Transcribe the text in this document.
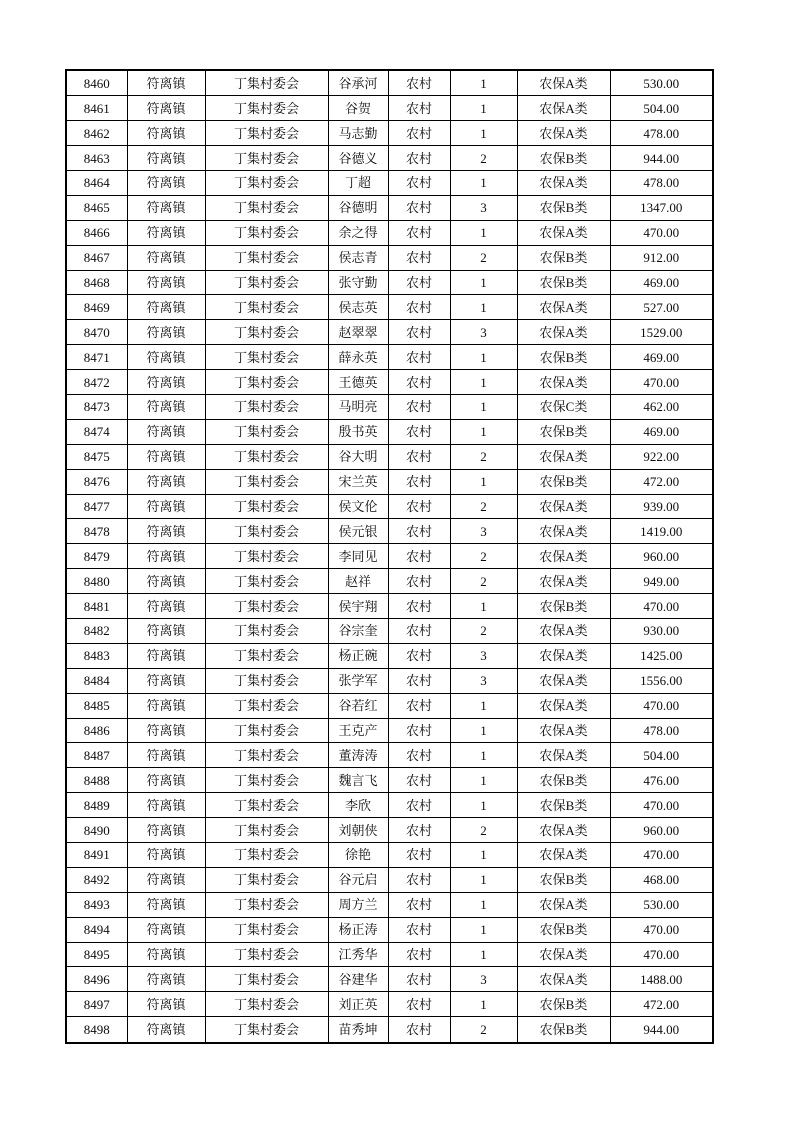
8460	符离镇	丁集村委会	谷承河	农村	1	农保A类	530.00
8461	符离镇	丁集村委会	谷贺	农村	1	农保A类	504.00
8462	符离镇	丁集村委会	马志勤	农村	1	农保A类	478.00
8463	符离镇	丁集村委会	谷德义	农村	2	农保B类	944.00
8464	符离镇	丁集村委会	丁超	农村	1	农保A类	478.00
8465	符离镇	丁集村委会	谷德明	农村	3	农保B类	1347.00
8466	符离镇	丁集村委会	余之得	农村	1	农保A类	470.00
8467	符离镇	丁集村委会	侯志青	农村	2	农保B类	912.00
8468	符离镇	丁集村委会	张守勤	农村	1	农保B类	469.00
8469	符离镇	丁集村委会	侯志英	农村	1	农保A类	527.00
8470	符离镇	丁集村委会	赵翠翠	农村	3	农保A类	1529.00
8471	符离镇	丁集村委会	薛永英	农村	1	农保B类	469.00
8472	符离镇	丁集村委会	王德英	农村	1	农保A类	470.00
8473	符离镇	丁集村委会	马明亮	农村	1	农保C类	462.00
8474	符离镇	丁集村委会	殷书英	农村	1	农保B类	469.00
8475	符离镇	丁集村委会	谷大明	农村	2	农保A类	922.00
8476	符离镇	丁集村委会	宋兰英	农村	1	农保B类	472.00
8477	符离镇	丁集村委会	侯文伦	农村	2	农保A类	939.00
8478	符离镇	丁集村委会	侯元银	农村	3	农保A类	1419.00
8479	符离镇	丁集村委会	李同见	农村	2	农保A类	960.00
8480	符离镇	丁集村委会	赵祥	农村	2	农保A类	949.00
8481	符离镇	丁集村委会	侯宇翔	农村	1	农保B类	470.00
8482	符离镇	丁集村委会	谷宗奎	农村	2	农保A类	930.00
8483	符离镇	丁集村委会	杨正碗	农村	3	农保A类	1425.00
8484	符离镇	丁集村委会	张学军	农村	3	农保A类	1556.00
8485	符离镇	丁集村委会	谷若红	农村	1	农保A类	470.00
8486	符离镇	丁集村委会	王克产	农村	1	农保A类	478.00
8487	符离镇	丁集村委会	董涛涛	农村	1	农保A类	504.00
8488	符离镇	丁集村委会	魏言飞	农村	1	农保B类	476.00
8489	符离镇	丁集村委会	李欣	农村	1	农保B类	470.00
8490	符离镇	丁集村委会	刘朝侠	农村	2	农保A类	960.00
8491	符离镇	丁集村委会	徐艳	农村	1	农保A类	470.00
8492	符离镇	丁集村委会	谷元启	农村	1	农保B类	468.00
8493	符离镇	丁集村委会	周方兰	农村	1	农保A类	530.00
8494	符离镇	丁集村委会	杨正涛	农村	1	农保B类	470.00
8495	符离镇	丁集村委会	江秀华	农村	1	农保A类	470.00
8496	符离镇	丁集村委会	谷建华	农村	3	农保A类	1488.00
8497	符离镇	丁集村委会	刘正英	农村	1	农保B类	472.00
8498	符离镇	丁集村委会	苗秀坤	农村	2	农保B类	944.00
